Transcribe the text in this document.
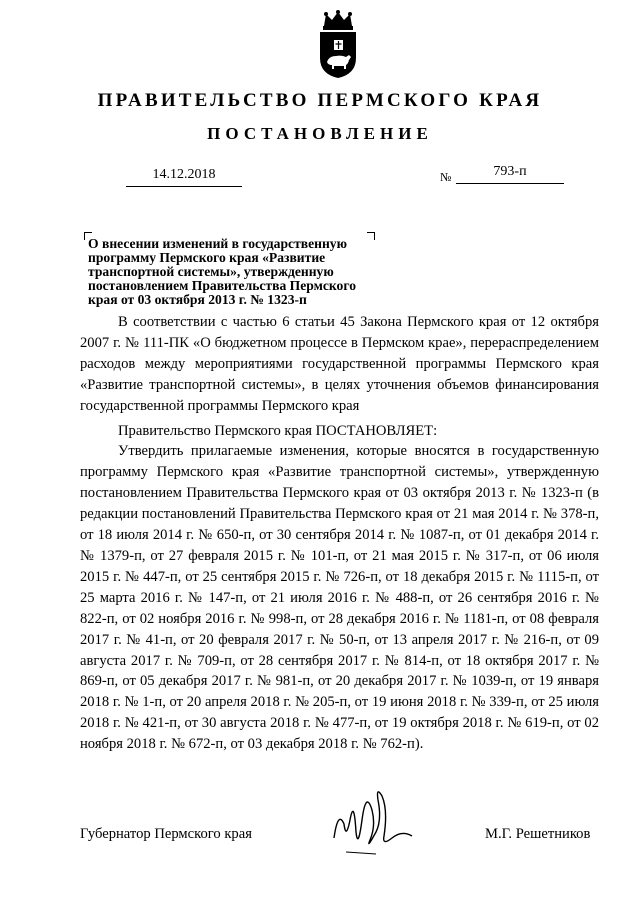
ПРАВИТЕЛЬСТВО ПЕРМСКОГО КРАЯ
ПОСТАНОВЛЕНИЕ
14.12.2018	№	793-п
О внесении изменений в государственную программу Пермского края «Развитие транспортной системы», утвержденную постановлением Правительства Пермского края от 03 октября 2013 г. № 1323-п

В соответствии с частью 6 статьи 45 Закона Пермского края от 12 октября 2007 г. № 111-ПК «О бюджетном процессе в Пермском крае», перераспределением расходов между мероприятиями государственной программы Пермского края «Развитие транспортной системы», в целях уточнения объемов финансирования государственной программы Пермского края

Правительство Пермского края ПОСТАНОВЛЯЕТ:

Утвердить прилагаемые изменения, которые вносятся в государственную программу Пермского края «Развитие транспортной системы», утвержденную постановлением Правительства Пермского края от 03 октября 2013 г. № 1323-п (в редакции постановлений Правительства Пермского края от 21 мая 2014 г. № 378-п, от 18 июля 2014 г. № 650-п, от 30 сентября 2014 г. № 1087-п, от 01 декабря 2014 г. № 1379-п, от 27 февраля 2015 г. № 101-п, от 21 мая 2015 г. № 317-п, от 06 июля 2015 г. № 447-п, от 25 сентября 2015 г. № 726-п, от 18 декабря 2015 г. № 1115-п, от 25 марта 2016 г. № 147-п, от 21 июля 2016 г. № 488-п, от 26 сентября 2016 г. № 822-п, от 02 ноября 2016 г. № 998-п, от 28 декабря 2016 г. № 1181-п, от 08 февраля 2017 г. № 41-п, от 20 февраля 2017 г. № 50-п, от 13 апреля 2017 г. № 216-п, от 09 августа 2017 г. № 709-п, от 28 сентября 2017 г. № 814-п, от 18 октября 2017 г. № 869-п, от 05 декабря 2017 г. № 981-п, от 20 декабря 2017 г. № 1039-п, от 19 января 2018 г. № 1-п, от 20 апреля 2018 г. № 205-п, от 19 июня 2018 г. № 339-п, от 25 июля 2018 г. № 421-п, от 30 августа 2018 г. № 477-п, от 19 октября 2018 г. № 619-п, от 02 ноября 2018 г. № 672-п, от 03 декабря 2018 г. № 762-п).

Губернатор Пермского края	М.Г. Решетников
